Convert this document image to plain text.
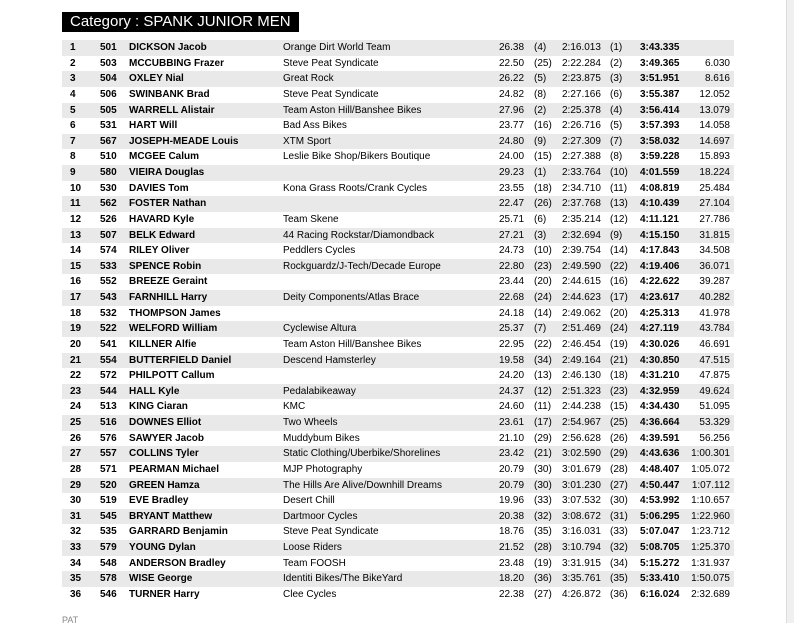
Category : SPANK JUNIOR MEN
1 501 DICKSON Jacob	Orange Dirt World Team	26.38 (4) 2:16.013 (1) 3:43.335
2 503 MCCUBBING Frazer	Steve Peat Syndicate	22.50 (25) 2:22.284 (2) 3:49.365	6.030
3 504 OXLEY Nial	Great Rock	26.22 (5) 2:23.875 (3) 3:51.951	8.616
4 506 SWINBANK Brad	Steve Peat Syndicate	24.82 (8) 2:27.166 (6) 3:55.387 12.052
5 505 WARRELL Alistair	Team Aston Hill/Banshee Bikes	27.96 (2) 2:25.378 (4) 3:56.414 13.079
6 531 HART Will	Bad Ass Bikes	23.77 (16) 2:26.716 (5) 3:57.393 14.058
7 567 JOSEPH-MEADE Louis	XTM Sport	24.80 (9) 2:27.309 (7) 3:58.032 14.697
8 510 MCGEE Calum	Leslie Bike Shop/Bikers Boutique	24.00 (15) 2:27.388 (8) 3:59.228 15.893
9 580 VIEIRA Douglas	29.23 (1) 2:33.764 (10) 4:01.559 18.224
10 530 DAVIES Tom	Kona Grass Roots/Crank Cycles	23.55 (18) 2:34.710 (11) 4:08.819 25.484
11 562 FOSTER Nathan	22.47 (26) 2:37.768 (13) 4:10.439 27.104
12 526 HAVARD Kyle	Team Skene	25.71 (6) 2:35.214 (12) 4:11.121 27.786
13 507 BELK Edward	44 Racing Rockstar/Diamondback	27.21 (3) 2:32.694 (9) 4:15.150 31.815
14 574 RILEY Oliver	Peddlers Cycles	24.73 (10) 2:39.754 (14) 4:17.843 34.508
15 533 SPENCE Robin	Rockguardz/J-Tech/Decade Europe	22.80 (23) 2:49.590 (22) 4:19.406 36.071
16 552 BREEZE Geraint	23.44 (20) 2:44.615 (16) 4:22.622 39.287
17 543 FARNHILL Harry	Deity Components/Atlas Brace	22.68 (24) 2:44.623 (17) 4:23.617 40.282
18 532 THOMPSON James	24.18 (14) 2:49.062 (20) 4:25.313 41.978
19 522 WELFORD William	Cyclewise Altura	25.37 (7) 2:51.469 (24) 4:27.119 43.784
20 541 KILLNER Alfie	Team Aston Hill/Banshee Bikes	22.95 (22) 2:46.454 (19) 4:30.026 46.691
21 554 BUTTERFIELD Daniel	Descend Hamsterley	19.58 (34) 2:49.164 (21) 4:30.850 47.515
22 572 PHILPOTT Callum	24.20 (13) 2:46.130 (18) 4:31.210 47.875
23 544 HALL Kyle	Pedalabikeaway	24.37 (12) 2:51.323 (23) 4:32.959 49.624
24 513 KING Ciaran	KMC	24.60 (11) 2:44.238 (15) 4:34.430 51.095
25 516 DOWNES Elliot	Two Wheels	23.61 (17) 2:54.967 (25) 4:36.664 53.329
26 576 SAWYER Jacob	Muddybum Bikes	21.10 (29) 2:56.628 (26) 4:39.591 56.256
27 557 COLLINS Tyler	Static Clothing/Uberbike/Shorelines	23.42 (21) 3:02.590 (29) 4:43.636 1:00.301
28 571 PEARMAN Michael	MJP Photography	20.79 (30) 3:01.679 (28) 4:48.407 1:05.072
29 520 GREEN Hamza	The Hills Are Alive/Downhill Dreams	20.79 (30) 3:01.230 (27) 4:50.447 1:07.112
30 519 EVE Bradley	Desert Chill	19.96 (33) 3:07.532 (30) 4:53.992 1:10.657
31 545 BRYANT Matthew	Dartmoor Cycles	20.38 (32) 3:08.672 (31) 5:06.295 1:22.960
32 535 GARRARD Benjamin	Steve Peat Syndicate	18.76 (35) 3:16.031 (33) 5:07.047 1:23.712
33 579 YOUNG Dylan	Loose Riders	21.52 (28) 3:10.794 (32) 5:08.705 1:25.370
34 548 ANDERSON Bradley	Team FOOSH	23.48 (19) 3:31.915 (34) 5:15.272 1:31.937
35 578 WISE George	Identiti Bikes/The BikeYard	18.20 (36) 3:35.761 (35) 5:33.410 1:50.075
36 546 TURNER Harry	Clee Cycles	22.38 (27) 4:26.872 (36) 6:16.024 2:32.689
PAT
